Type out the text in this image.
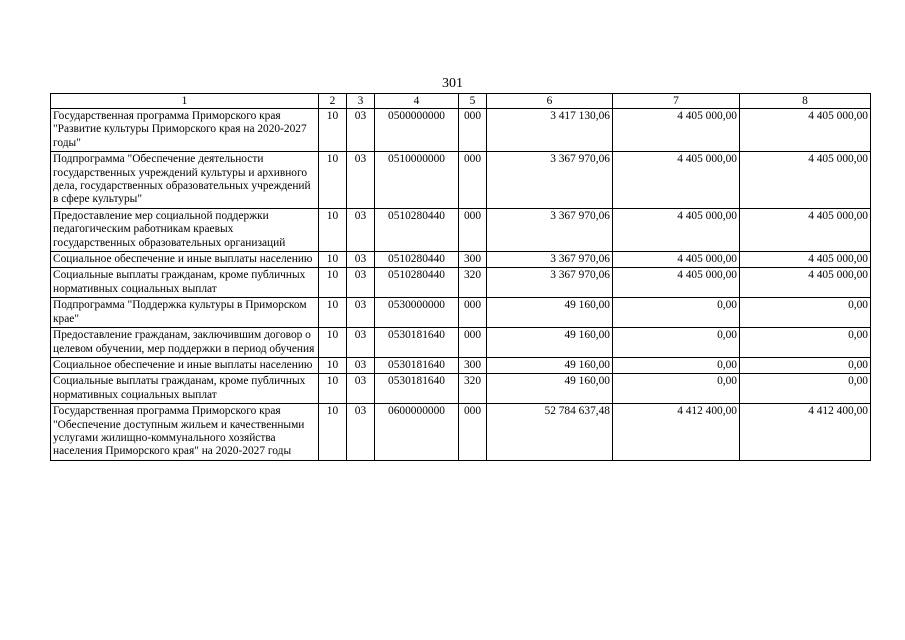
301
1	2	3	4	5	6	7	8
Государственная программа Приморского края "Развитие культуры Приморского края на 2020-2027 годы"	10	03	0500000000	000	3 417 130,06	4 405 000,00	4 405 000,00
Подпрограмма "Обеспечение деятельности государственных учреждений культуры и архивного дела, государственных образовательных учреждений в сфере культуры"	10	03	0510000000	000	3 367 970,06	4 405 000,00	4 405 000,00
Предоставление мер социальной поддержки педагогическим работникам краевых государственных образовательных организаций	10	03	0510280440	000	3 367 970,06	4 405 000,00	4 405 000,00
Социальное обеспечение и иные выплаты населению	10	03	0510280440	300	3 367 970,06	4 405 000,00	4 405 000,00
Социальные выплаты гражданам, кроме публичных нормативных социальных выплат	10	03	0510280440	320	3 367 970,06	4 405 000,00	4 405 000,00
Подпрограмма "Поддержка культуры в Приморском крае"	10	03	0530000000	000	49 160,00	0,00	0,00
Предоставление гражданам, заключившим договор о целевом обучении, мер поддержки в период обучения	10	03	0530181640	000	49 160,00	0,00	0,00
Социальное обеспечение и иные выплаты населению	10	03	0530181640	300	49 160,00	0,00	0,00
Социальные выплаты гражданам, кроме публичных нормативных социальных выплат	10	03	0530181640	320	49 160,00	0,00	0,00
Государственная программа Приморского края "Обеспечение доступным жильем и качественными услугами жилищно-коммунального хозяйства населения Приморского края" на 2020-2027 годы	10	03	0600000000	000	52 784 637,48	4 412 400,00	4 412 400,00
